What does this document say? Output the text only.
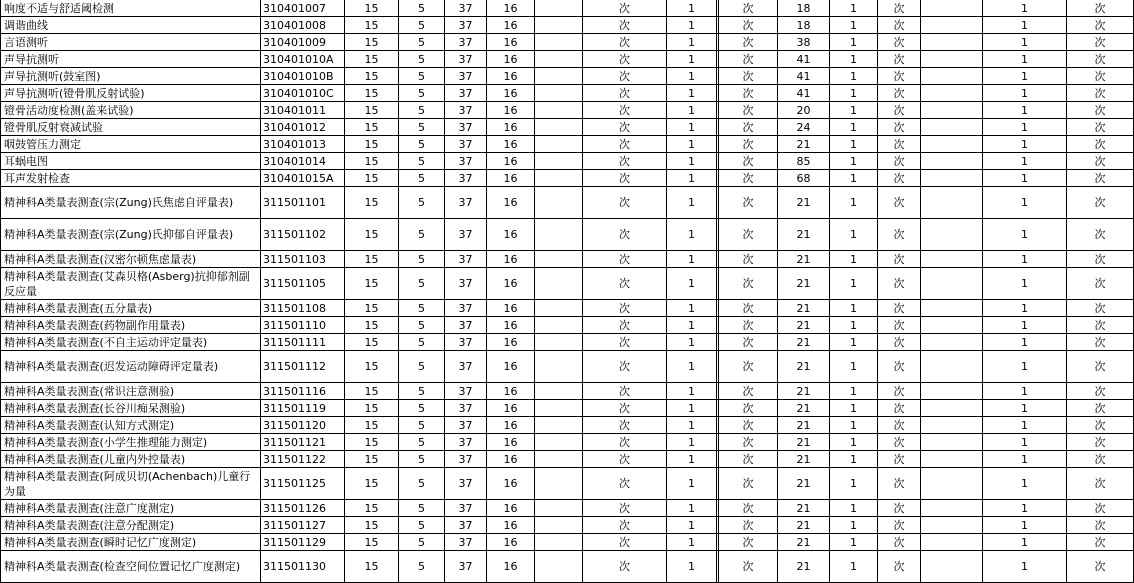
响度不适与舒适阈检测	310401007	15	5	37	16		次	1		次	18	1	次		1	次
调谐曲线	310401008	15	5	37	16		次	1		次	18	1	次		1	次
言语测听	310401009	15	5	37	16		次	1		次	38	1	次		1	次
声导抗测听	310401010A	15	5	37	16		次	1		次	41	1	次		1	次
声导抗测听(鼓室图)	310401010B	15	5	37	16		次	1		次	41	1	次		1	次
声导抗测听(镫骨肌反射试验)	310401010C	15	5	37	16		次	1		次	41	1	次		1	次
镫骨活动度检测(盖来试验)	310401011	15	5	37	16		次	1		次	20	1	次		1	次
镫骨肌反射衰减试验	310401012	15	5	37	16		次	1		次	24	1	次		1	次
咽鼓管压力测定	310401013	15	5	37	16		次	1		次	21	1	次		1	次
耳蜗电图	310401014	15	5	37	16		次	1		次	85	1	次		1	次
耳声发射检查	310401015A	15	5	37	16		次	1		次	68	1	次		1	次
精神科A类量表测查(宗(Zung)氏焦虑自评量表)	311501101	15	5	37	16		次	1		次	21	1	次		1	次
精神科A类量表测查(宗(Zung)氏抑郁自评量表)	311501102	15	5	37	16		次	1		次	21	1	次		1	次
精神科A类量表测查(汉密尔顿焦虑量表)	311501103	15	5	37	16		次	1		次	21	1	次		1	次
精神科A类量表测查(艾森贝格(Asberg)抗抑郁剂副反应量	311501105	15	5	37	16		次	1		次	21	1	次		1	次
精神科A类量表测查(五分量表)	311501108	15	5	37	16		次	1		次	21	1	次		1	次
精神科A类量表测查(药物副作用量表)	311501110	15	5	37	16		次	1		次	21	1	次		1	次
精神科A类量表测查(不自主运动评定量表)	311501111	15	5	37	16		次	1		次	21	1	次		1	次
精神科A类量表测查(迟发运动障碍评定量表)	311501112	15	5	37	16		次	1		次	21	1	次		1	次
精神科A类量表测查(常识注意测验)	311501116	15	5	37	16		次	1		次	21	1	次		1	次
精神科A类量表测查(长谷川痴呆测验)	311501119	15	5	37	16		次	1		次	21	1	次		1	次
精神科A类量表测查(认知方式测定)	311501120	15	5	37	16		次	1		次	21	1	次		1	次
精神科A类量表测查(小学生推理能力测定)	311501121	15	5	37	16		次	1		次	21	1	次		1	次
精神科A类量表测查(儿童内外控量表)	311501122	15	5	37	16		次	1		次	21	1	次		1	次
精神科A类量表测查(阿成贝切(Achenbach)儿童行为量	311501125	15	5	37	16		次	1		次	21	1	次		1	次
精神科A类量表测查(注意广度测定)	311501126	15	5	37	16		次	1		次	21	1	次		1	次
精神科A类量表测查(注意分配测定)	311501127	15	5	37	16		次	1		次	21	1	次		1	次
精神科A类量表测查(瞬时记忆广度测定)	311501129	15	5	37	16		次	1		次	21	1	次		1	次
精神科A类量表测查(检查空间位置记忆广度测定)	311501130	15	5	37	16		次	1		次	21	1	次		1	次
